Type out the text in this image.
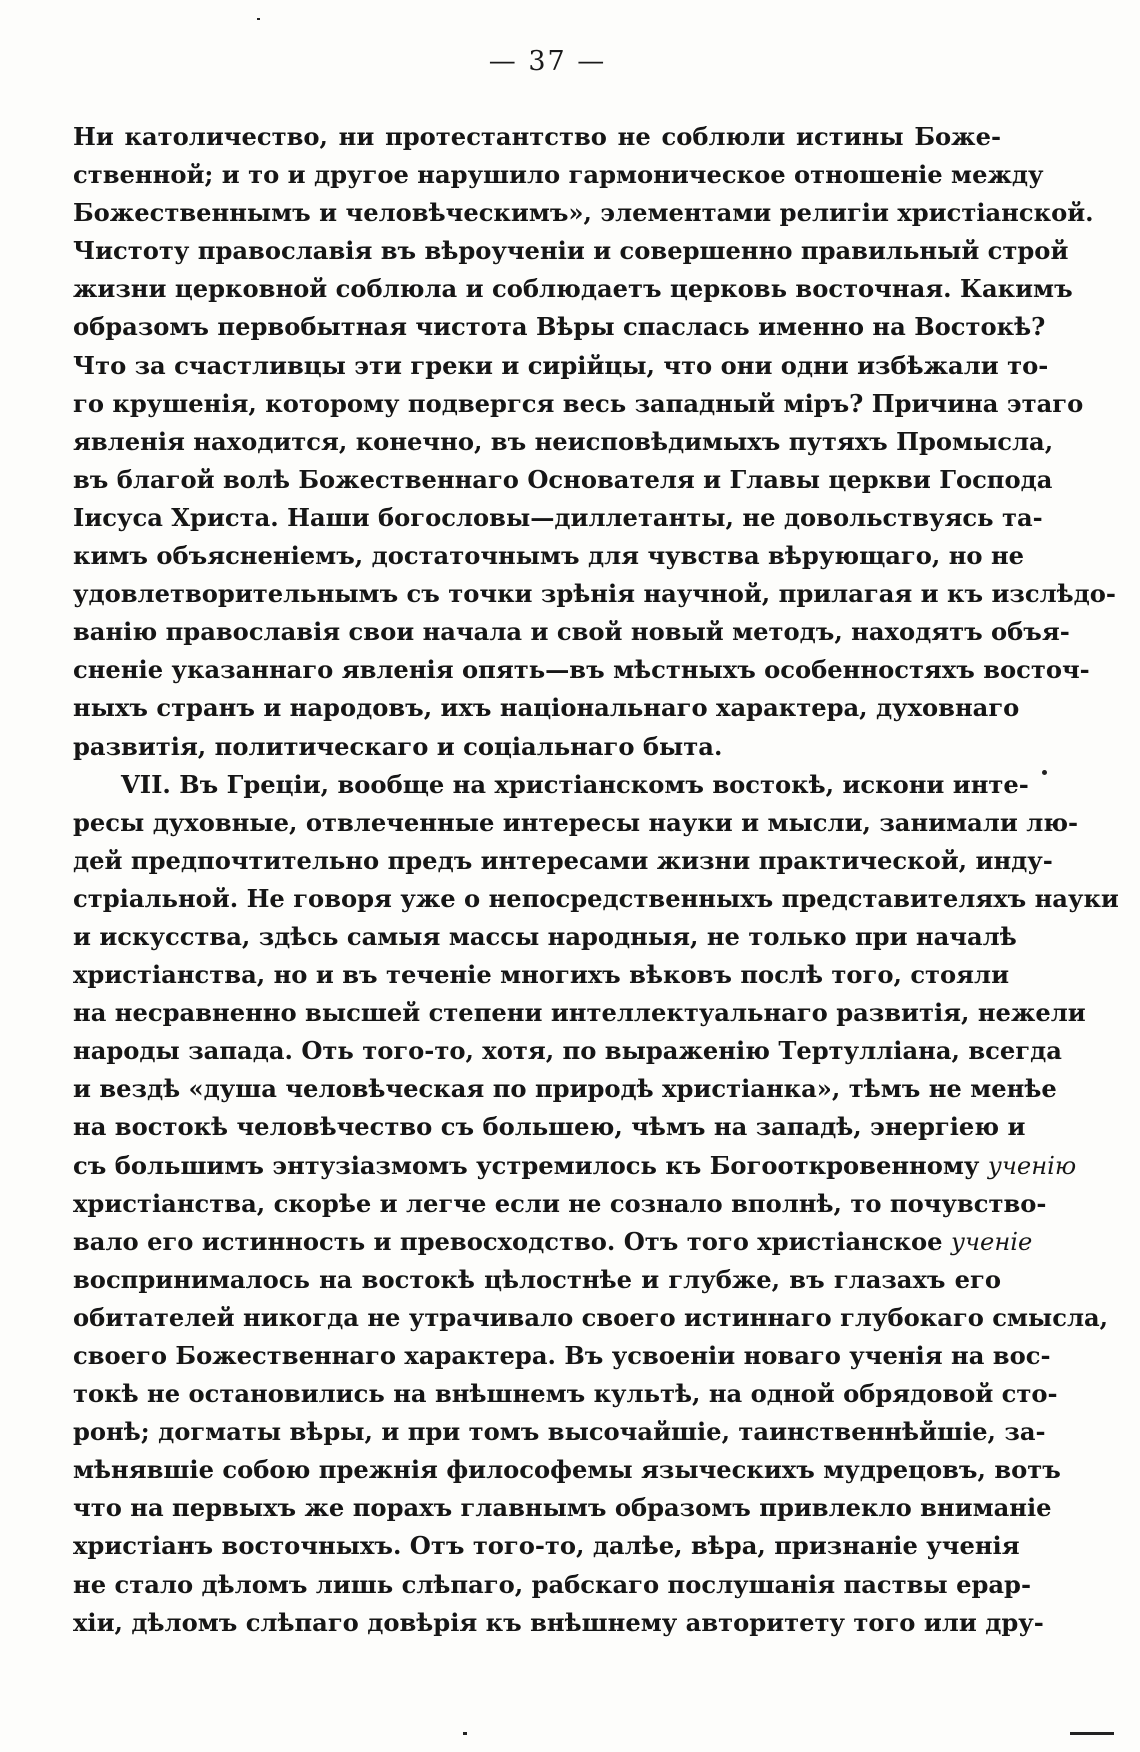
— 37 —
Ни католичество, ни протестантство не соблюли истины Боже-
ственной; и то и другое нарушило гармоническое отношеніе между
Божественнымъ и человѣческимъ», элементами религіи христіанской.
Чистоту православія въ вѣроученіи и совершенно правильный строй
жизни церковной соблюла и соблюдаетъ церковь восточная. Какимъ
образомъ первобытная чистота Вѣры спаслась именно на Востокѣ?
Что за счастливцы эти греки и сирійцы, что они одни избѣжали то-
го крушенія, которому подвергся весь западный міръ? Причина этаго
явленія находится, конечно, въ неисповѣдимыхъ путяхъ Промысла,
въ благой волѣ Божественнаго Основателя и Главы церкви Господа
Іисуса Христа. Наши богословы—диллетанты, не довольствуясь та-
кимъ объясненіемъ, достаточнымъ для чувства вѣрующаго, но не
удовлетворительнымъ съ точки зрѣнія научной, прилагая и къ изслѣдо-
ванію православія свои начала и свой новый методъ, находятъ объя-
сненіе указаннаго явленія опять—въ мѣстныхъ особенностяхъ восточ-
ныхъ странъ и народовъ, ихъ національнаго характера, духовнаго
развитія, политическаго и соціальнаго быта.
VII. Въ Греціи, вообще на христіанскомъ востокѣ, искони инте-
ресы духовные, отвлеченные интересы науки и мысли, занимали лю-
дей предпочтительно предъ интересами жизни практической, инду-
стріальной. Не говоря уже о непосредственныхъ представителяхъ науки
и искусства, здѣсь самыя массы народныя, не только при началѣ
христіанства, но и въ теченіе многихъ вѣковъ послѣ того, стояли
на несравненно высшей степени интеллектуальнаго развитія, нежели
народы запада. Оть того-то, хотя, по выраженію Тертулліана, всегда
и вездѣ «душа человѣческая по природѣ христіанка», тѣмъ не менѣе
на востокѣ человѣчество съ большею, чѣмъ на западѣ, энергіею и
съ большимъ энтузіазмомъ устремилось къ Богооткровенному ученію
христіанства, скорѣе и легче если не сознало вполнѣ, то почувство-
вало его истинность и превосходство. Отъ того христіанское ученіе
воспринималось на востокѣ цѣлостнѣе и глубже, въ глазахъ его
обитателей никогда не утрачивало своего истиннаго глубокаго смысла,
своего Божественнаго характера. Въ усвоеніи новаго ученія на вос-
токѣ не остановились на внѣшнемъ культѣ, на одной обрядовой сто-
ронѣ; догматы вѣры, и при томъ высочайшіе, таинственнѣйшіе, за-
мѣнявшіе собою прежнія философемы языческихъ мудрецовъ, вотъ
что на первыхъ же порахъ главнымъ образомъ привлекло вниманіе
христіанъ восточныхъ. Отъ того-то, далѣе, вѣра, признаніе ученія
не стало дѣломъ лишь слѣпаго, рабскаго послушанія паствы ерар-
хіи, дѣломъ слѣпаго довѣрія къ внѣшнему авторитету того или дру-
